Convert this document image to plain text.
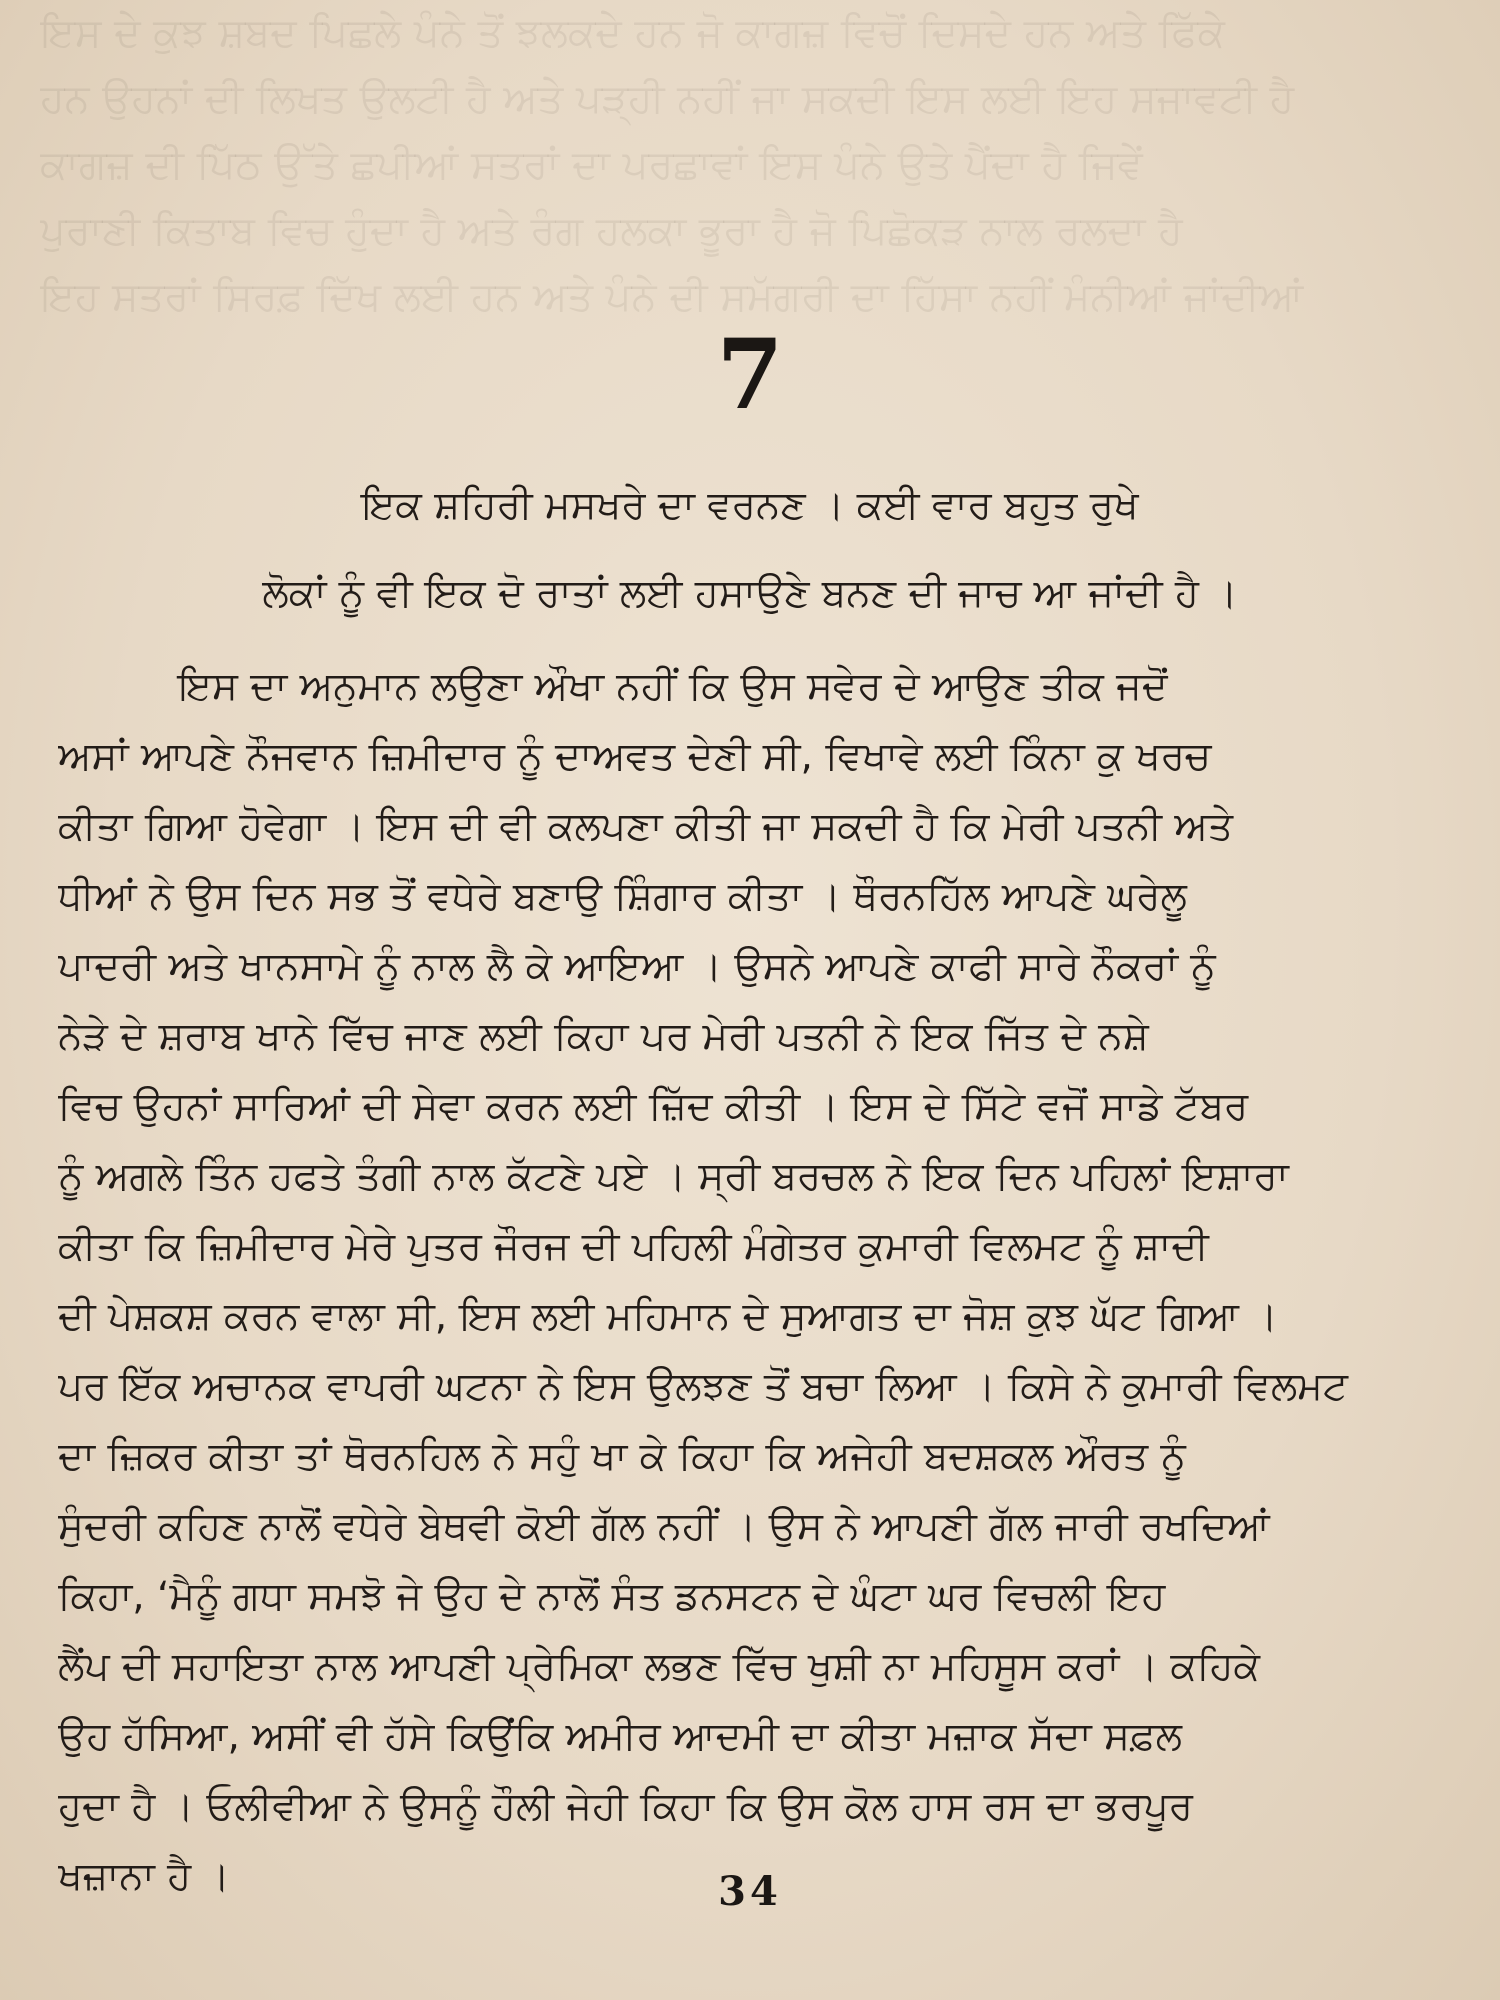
ਇਸ ਦੇ ਕੁਝ ਸ਼ਬਦ ਪਿਛਲੇ ਪੰਨੇ ਤੋਂ ਝਲਕਦੇ ਹਨ ਜੋ ਕਾਗਜ਼ ਵਿਚੋਂ ਦਿਸਦੇ ਹਨ ਅਤੇ ਫਿੱਕੇ
ਹਨ ਉਹਨਾਂ ਦੀ ਲਿਖਤ ਉਲਟੀ ਹੈ ਅਤੇ ਪੜ੍ਹੀ ਨਹੀਂ ਜਾ ਸਕਦੀ ਇਸ ਲਈ ਇਹ ਸਜਾਵਟੀ ਹੈ
ਕਾਗਜ਼ ਦੀ ਪਿੱਠ ਉੱਤੇ ਛਪੀਆਂ ਸਤਰਾਂ ਦਾ ਪਰਛਾਵਾਂ ਇਸ ਪੰਨੇ ਉਤੇ ਪੈਂਦਾ ਹੈ ਜਿਵੇਂ
ਪੁਰਾਣੀ ਕਿਤਾਬ ਵਿਚ ਹੁੰਦਾ ਹੈ ਅਤੇ ਰੰਗ ਹਲਕਾ ਭੂਰਾ ਹੈ ਜੋ ਪਿਛੋਕੜ ਨਾਲ ਰਲਦਾ ਹੈ
ਇਹ ਸਤਰਾਂ ਸਿਰਫ਼ ਦਿੱਖ ਲਈ ਹਨ ਅਤੇ ਪੰਨੇ ਦੀ ਸਮੱਗਰੀ ਦਾ ਹਿੱਸਾ ਨਹੀਂ ਮੰਨੀਆਂ ਜਾਂਦੀਆਂ
7

ਇਕ ਸ਼ਹਿਰੀ ਮਸਖਰੇ ਦਾ ਵਰਨਣ । ਕਈ ਵਾਰ ਬਹੁਤ ਰੁਖੇ
ਲੋਕਾਂ ਨੂੰ ਵੀ ਇਕ ਦੋ ਰਾਤਾਂ ਲਈ ਹਸਾਉਣੇ ਬਨਣ ਦੀ ਜਾਚ ਆ ਜਾਂਦੀ ਹੈ ।

ਇਸ ਦਾ ਅਨੁਮਾਨ ਲਉਣਾ ਔਖਾ ਨਹੀਂ ਕਿ ਉਸ ਸਵੇਰ ਦੇ ਆਉਣ ਤੀਕ ਜਦੋਂ
ਅਸਾਂ ਆਪਣੇ ਨੌਜਵਾਨ ਜ਼ਿਮੀਦਾਰ ਨੂੰ ਦਾਅਵਤ ਦੇਣੀ ਸੀ, ਵਿਖਾਵੇ ਲਈ ਕਿੰਨਾ ਕੁ ਖਰਚ
ਕੀਤਾ ਗਿਆ ਹੋਵੇਗਾ । ਇਸ ਦੀ ਵੀ ਕਲਪਣਾ ਕੀਤੀ ਜਾ ਸਕਦੀ ਹੈ ਕਿ ਮੇਰੀ ਪਤਨੀ ਅਤੇ
ਧੀਆਂ ਨੇ ਉਸ ਦਿਨ ਸਭ ਤੋਂ ਵਧੇਰੇ ਬਣਾਉ ਸ਼ਿੰਗਾਰ ਕੀਤਾ । ਥੌਰਨਹਿੱਲ ਆਪਣੇ ਘਰੇਲੂ
ਪਾਦਰੀ ਅਤੇ ਖਾਨਸਾਮੇ ਨੂੰ ਨਾਲ ਲੈ ਕੇ ਆਇਆ । ਉਸਨੇ ਆਪਣੇ ਕਾਫੀ ਸਾਰੇ ਨੌਕਰਾਂ ਨੂੰ
ਨੇੜੇ ਦੇ ਸ਼ਰਾਬ ਖਾਨੇ ਵਿੱਚ ਜਾਣ ਲਈ ਕਿਹਾ ਪਰ ਮੇਰੀ ਪਤਨੀ ਨੇ ਇਕ ਜਿੱਤ ਦੇ ਨਸ਼ੇ
ਵਿਚ ਉਹਨਾਂ ਸਾਰਿਆਂ ਦੀ ਸੇਵਾ ਕਰਨ ਲਈ ਜ਼ਿੱਦ ਕੀਤੀ । ਇਸ ਦੇ ਸਿੱਟੇ ਵਜੋਂ ਸਾਡੇ ਟੱਬਰ
ਨੂੰ ਅਗਲੇ ਤਿੰਨ ਹਫਤੇ ਤੰਗੀ ਨਾਲ ਕੱਟਣੇ ਪਏ । ਸ੍ਰੀ ਬਰਚਲ ਨੇ ਇਕ ਦਿਨ ਪਹਿਲਾਂ ਇਸ਼ਾਰਾ
ਕੀਤਾ ਕਿ ਜ਼ਿਮੀਦਾਰ ਮੇਰੇ ਪੁਤਰ ਜੌਰਜ ਦੀ ਪਹਿਲੀ ਮੰਗੇਤਰ ਕੁਮਾਰੀ ਵਿਲਮਟ ਨੂੰ ਸ਼ਾਦੀ
ਦੀ ਪੇਸ਼ਕਸ਼ ਕਰਨ ਵਾਲਾ ਸੀ, ਇਸ ਲਈ ਮਹਿਮਾਨ ਦੇ ਸੁਆਗਤ ਦਾ ਜੋਸ਼ ਕੁਝ ਘੱਟ ਗਿਆ ।
ਪਰ ਇੱਕ ਅਚਾਨਕ ਵਾਪਰੀ ਘਟਨਾ ਨੇ ਇਸ ਉਲਝਣ ਤੋਂ ਬਚਾ ਲਿਆ । ਕਿਸੇ ਨੇ ਕੁਮਾਰੀ ਵਿਲਮਟ
ਦਾ ਜ਼ਿਕਰ ਕੀਤਾ ਤਾਂ ਥੋਰਨਹਿਲ ਨੇ ਸਹੁੰ ਖਾ ਕੇ ਕਿਹਾ ਕਿ ਅਜੇਹੀ ਬਦਸ਼ਕਲ ਔਰਤ ਨੂੰ
ਸੁੰਦਰੀ ਕਹਿਣ ਨਾਲੋਂ ਵਧੇਰੇ ਬੇਥਵੀ ਕੋਈ ਗੱਲ ਨਹੀਂ । ਉਸ ਨੇ ਆਪਣੀ ਗੱਲ ਜਾਰੀ ਰਖਦਿਆਂ
ਕਿਹਾ, ‘ਮੈਨੂੰ ਗਧਾ ਸਮਝੋ ਜੇ ਉਹ ਦੇ ਨਾਲੋਂ ਸੰਤ ਡਨਸਟਨ ਦੇ ਘੰਟਾ ਘਰ ਵਿਚਲੀ ਇਹ
ਲੈਂਪ ਦੀ ਸਹਾਇਤਾ ਨਾਲ ਆਪਣੀ ਪ੍ਰੇਮਿਕਾ ਲਭਣ ਵਿੱਚ ਖੁਸ਼ੀ ਨਾ ਮਹਿਸੂਸ ਕਰਾਂ । ਕਹਿਕੇ
ਉਹ ਹੱਸਿਆ, ਅਸੀਂ ਵੀ ਹੱਸੇ ਕਿਉਂਕਿ ਅਮੀਰ ਆਦਮੀ ਦਾ ਕੀਤਾ ਮਜ਼ਾਕ ਸੱਦਾ ਸਫ਼ਲ
ਹੁਦਾ ਹੈ । ਓਲੀਵੀਆ ਨੇ ਉਸਨੂੰ ਹੌਲੀ ਜੇਹੀ ਕਿਹਾ ਕਿ ਉਸ ਕੋਲ ਹਾਸ ਰਸ ਦਾ ਭਰਪੂਰ
ਖਜ਼ਾਨਾ ਹੈ ।	34
